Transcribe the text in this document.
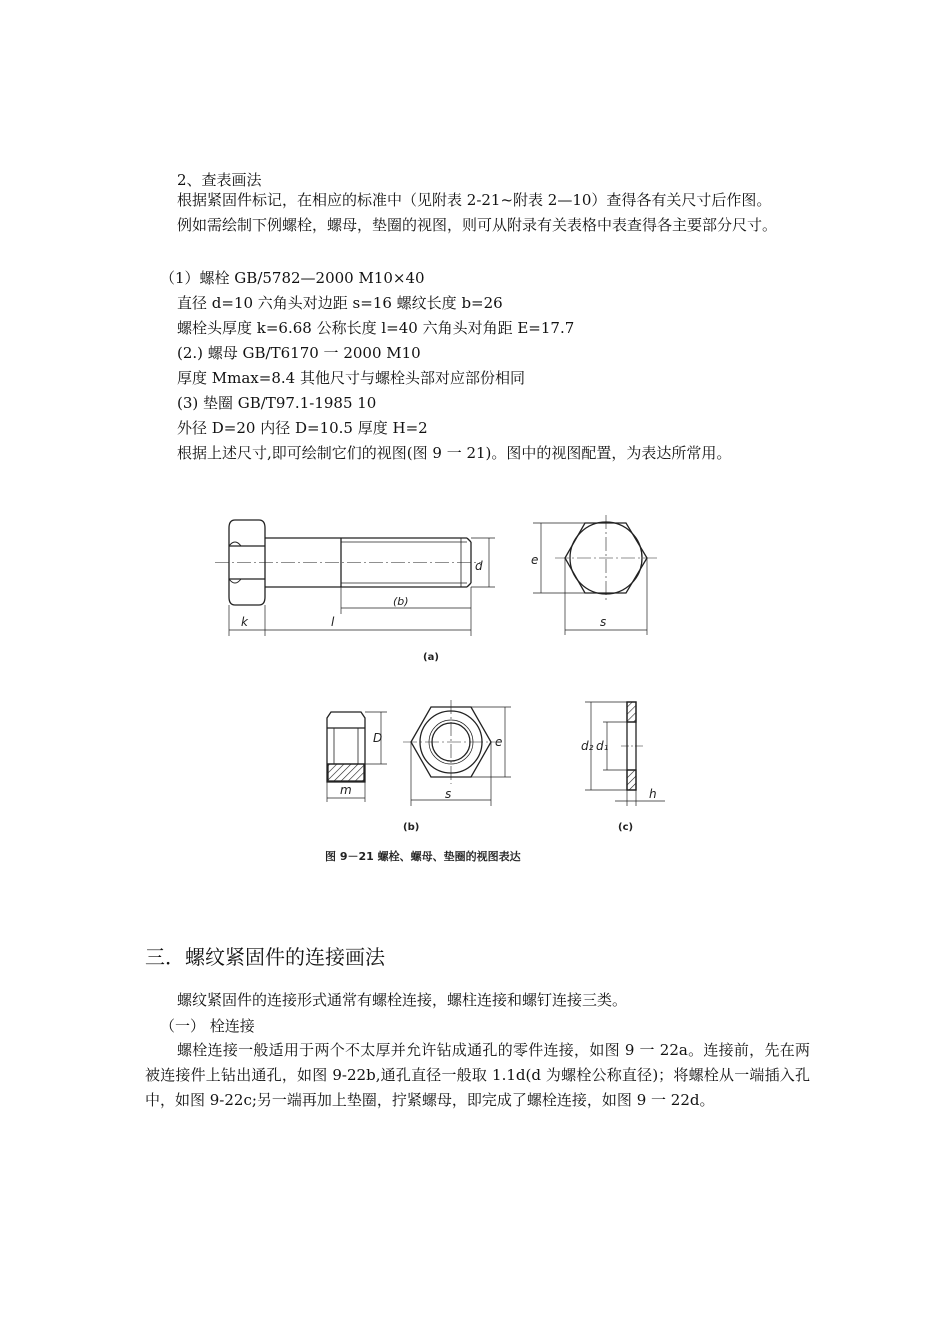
2、查表画法
根据紧固件标记，在相应的标准中（见附表 2-21~附表 2—10）查得各有关尺寸后作图。
例如需绘制下例螺栓，螺母，垫圈的视图，则可从附录有关表格中表查得各主要部分尺寸。
（1）螺栓 GB/5782—2000 M10×40
直径 d=10 六角头对边距 s=16 螺纹长度 b=26
螺栓头厚度 k=6.68 公称长度 l=40 六角头对角距 E=17.7
(2.) 螺母 GB/T6170 一 2000 M10
厚度 Mmax=8.4 其他尺寸与螺栓头部对应部份相同
(3) 垫圈 GB/T97.1-1985 10
外径 D=20 内径 D=10.5 厚度 H=2
根据上述尺寸,即可绘制它们的视图(图 9 一 21)。图中的视图配置，为表达所常用。
k	l
(b)
d	e
s
(a)
D
m
e
s
(b)
d₂ d₁
h
(c)
图 9－21 螺栓、螺母、垫圈的视图表达
三．螺纹紧固件的连接画法
螺纹紧固件的连接形式通常有螺栓连接，螺柱连接和螺钉连接三类。
（一） 栓连接
螺栓连接一般适用于两个不太厚并允许钻成通孔的零件连接，如图 9 一 22a。连接前，先在两被连接件上钻出通孔，如图 9-22b,通孔直径一般取 1.1d(d 为螺栓公称直径)；将螺栓从一端插入孔中，如图 9-22c;另一端再加上垫圈，拧紧螺母，即完成了螺栓连接，如图 9 一 22d。
